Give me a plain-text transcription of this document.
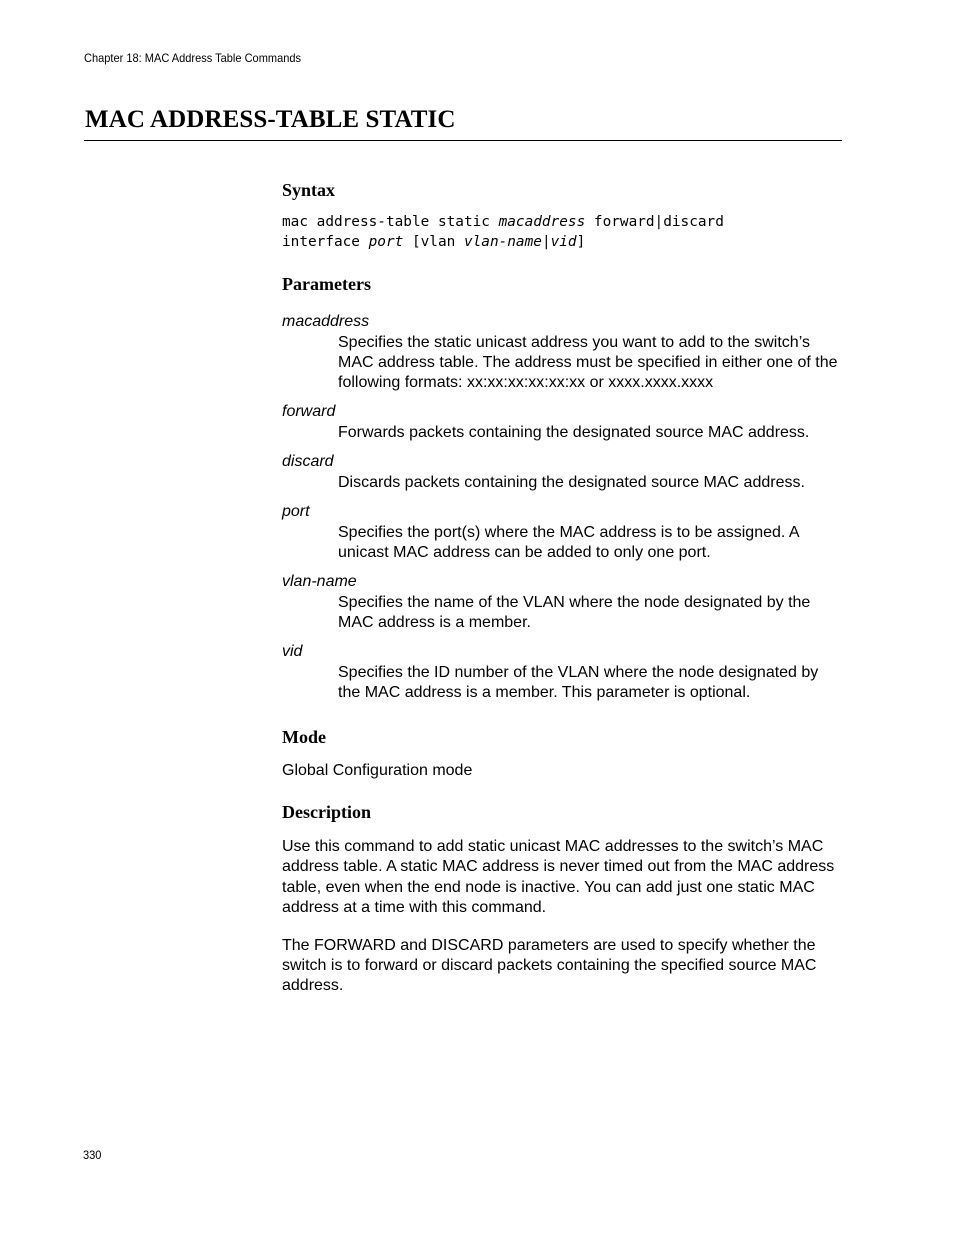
Chapter 18: MAC Address Table Commands
MAC ADDRESS-TABLE STATIC
Syntax
mac address-table static macaddress forward|discard
interface port [vlan vlan-name|vid]
Parameters
macaddress
Specifies the static unicast address you want to add to the switch’s MAC address table. The address must be specified in either one of the following formats: xx:xx:xx:xx:xx:xx or xxxx.xxxx.xxxx
forward
Forwards packets containing the designated source MAC address.
discard
Discards packets containing the designated source MAC address.
port
Specifies the port(s) where the MAC address is to be assigned. A unicast MAC address can be added to only one port.
vlan-name
Specifies the name of the VLAN where the node designated by the MAC address is a member.
vid
Specifies the ID number of the VLAN where the node designated by the MAC address is a member. This parameter is optional.
Mode

Global Configuration mode

Description

Use this command to add static unicast MAC addresses to the switch’s MAC address table. A static MAC address is never timed out from the MAC address table, even when the end node is inactive. You can add just one static MAC address at a time with this command.

The FORWARD and DISCARD parameters are used to specify whether the switch is to forward or discard packets containing the specified source MAC address.

330
